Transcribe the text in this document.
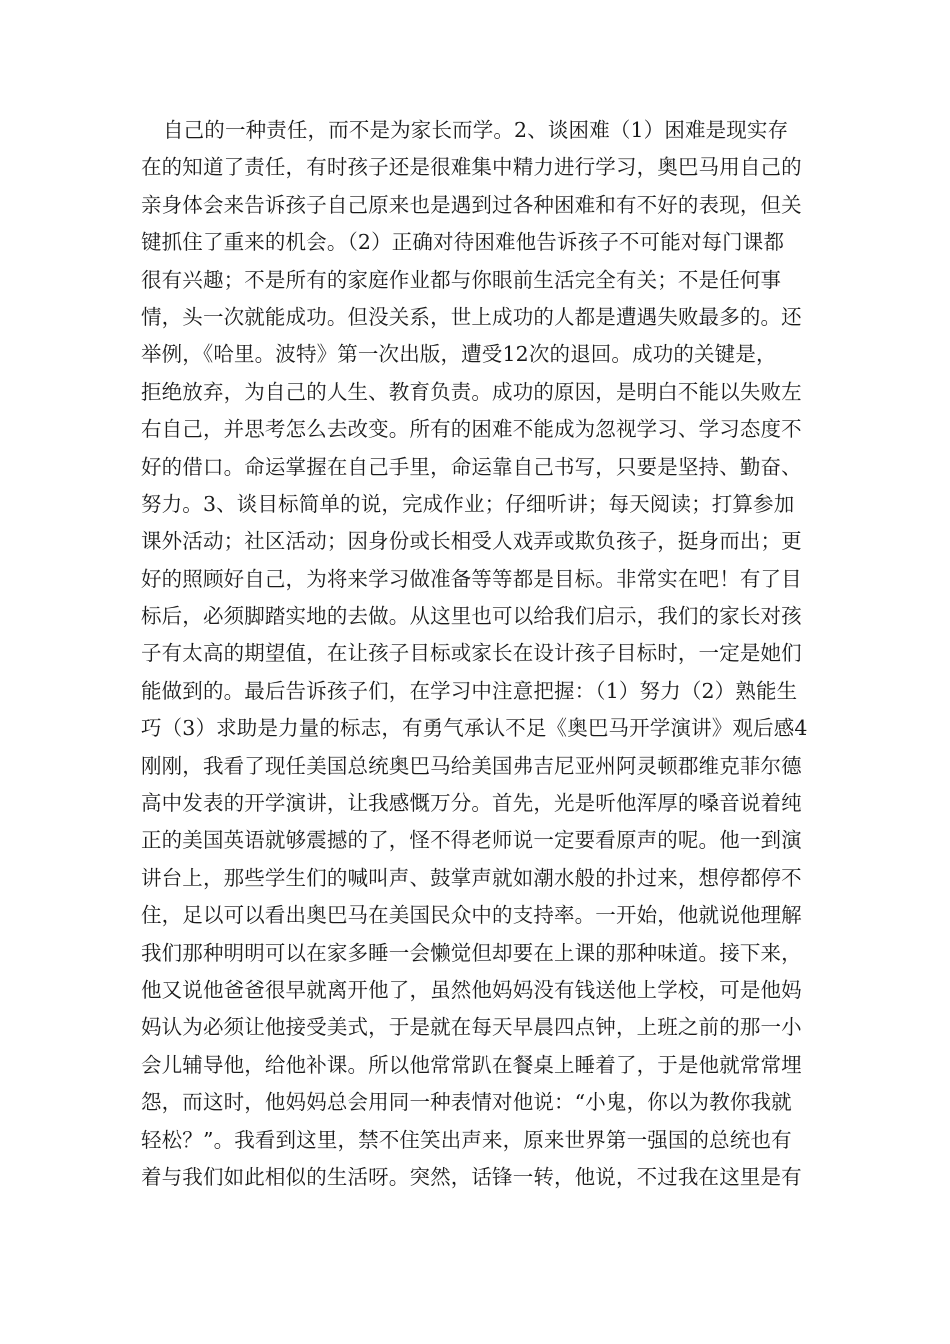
自己的一种责任，而不是为家长而学。2、谈困难（1）困难是现实存
在的知道了责任，有时孩子还是很难集中精力进行学习，奥巴马用自己的
亲身体会来告诉孩子自己原来也是遇到过各种困难和有不好的表现，但关
键抓住了重来的机会。（2）正确对待困难他告诉孩子不可能对每门课都
很有兴趣；不是所有的家庭作业都与你眼前生活完全有关；不是任何事
情，头一次就能成功。但没关系，世上成功的人都是遭遇失败最多的。还
举例，《哈里。波特》第一次出版，遭受12次的退回。成功的关键是，
拒绝放弃，为自己的人生、教育负责。成功的原因，是明白不能以失败左
右自己，并思考怎么去改变。所有的困难不能成为忽视学习、学习态度不
好的借口。命运掌握在自己手里，命运靠自己书写，只要是坚持、勤奋、
努力。3、谈目标简单的说，完成作业；仔细听讲；每天阅读；打算参加
课外活动；社区活动；因身份或长相受人戏弄或欺负孩子，挺身而出；更
好的照顾好自己，为将来学习做准备等等都是目标。非常实在吧！有了目
标后，必须脚踏实地的去做。从这里也可以给我们启示，我们的家长对孩
子有太高的期望值，在让孩子目标或家长在设计孩子目标时，一定是她们
能做到的。最后告诉孩子们，在学习中注意把握：（1）努力（2）熟能生
巧（3）求助是力量的标志，有勇气承认不足《奥巴马开学演讲》观后感4
刚刚，我看了现任美国总统奥巴马给美国弗吉尼亚州阿灵顿郡维克菲尔德
高中发表的开学演讲，让我感慨万分。首先，光是听他浑厚的嗓音说着纯
正的美国英语就够震撼的了，怪不得老师说一定要看原声的呢。他一到演
讲台上，那些学生们的喊叫声、鼓掌声就如潮水般的扑过来，想停都停不
住，足以可以看出奥巴马在美国民众中的支持率。一开始，他就说他理解
我们那种明明可以在家多睡一会懒觉但却要在上课的那种味道。接下来，
他又说他爸爸很早就离开他了，虽然他妈妈没有钱送他上学校，可是他妈
妈认为必须让他接受美式，于是就在每天早晨四点钟，上班之前的那一小
会儿辅导他，给他补课。所以他常常趴在餐桌上睡着了，于是他就常常埋
怨，而这时，他妈妈总会用同一种表情对他说：“小鬼，你以为教你我就
轻松？”。我看到这里，禁不住笑出声来，原来世界第一强国的总统也有
着与我们如此相似的生活呀。突然，话锋一转，他说，不过我在这里是有
